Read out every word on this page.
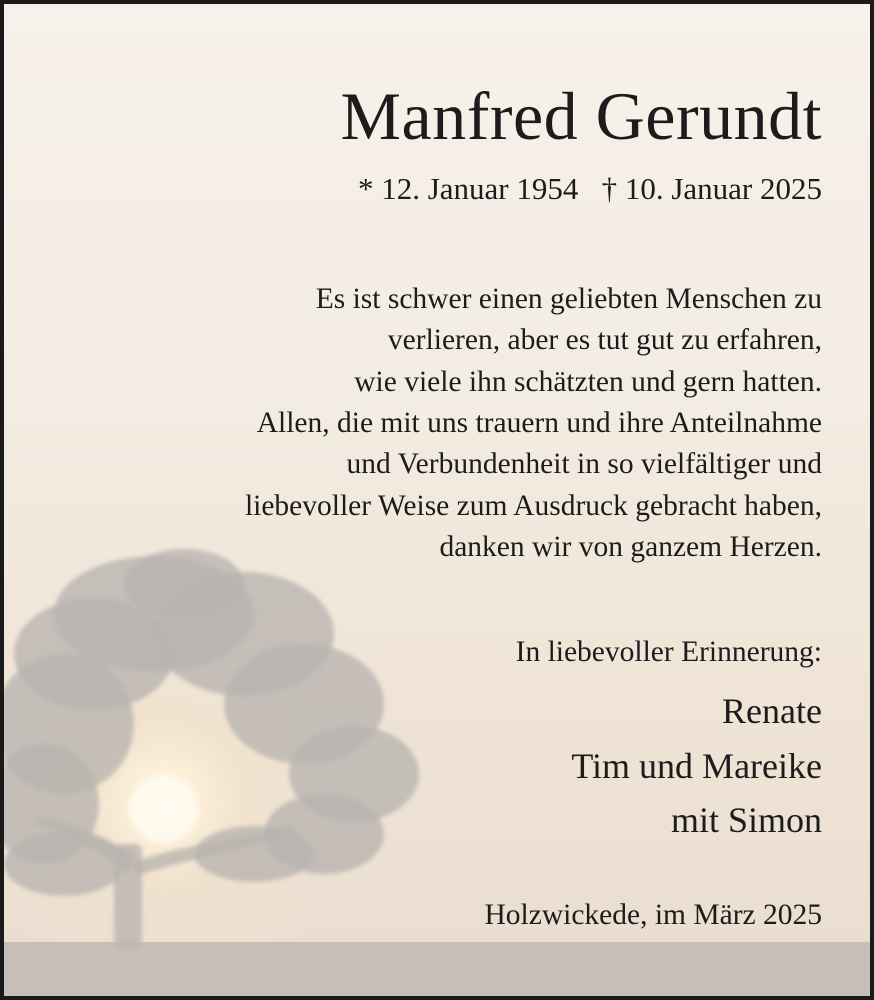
Manfred Gerundt
* 12. Januar 1954   † 10. Januar 2025
Es ist schwer einen geliebten Menschen zu
verlieren, aber es tut gut zu erfahren,
wie viele ihn schätzten und gern hatten.
Allen, die mit uns trauern und ihre Anteilnahme
und Verbundenheit in so vielfältiger und
liebevoller Weise zum Ausdruck gebracht haben,
danken wir von ganzem Herzen.
In liebevoller Erinnerung:
Renate
Tim und Mareike
mit Simon
Holzwickede, im März 2025
